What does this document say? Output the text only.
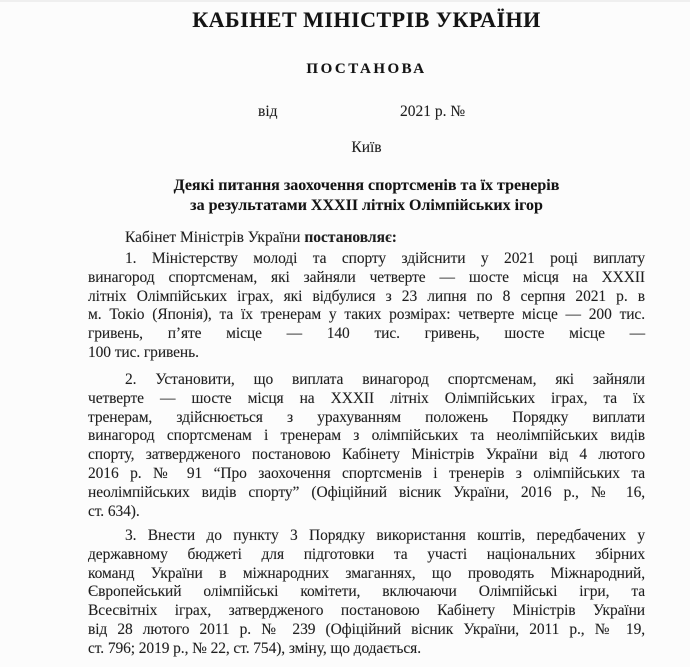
КАБІНЕТ МІНІСТРІВ УКРАЇНИ
ПОСТАНОВА
від	2021 р. №
Київ
Деякі питання заохочення спортсменів та їх тренерів
за результатами XXXII літніх Олімпійських ігор
Кабінет Міністрів України постановляє:
1. Міністерству молоді та спорту здійснити у 2021 році виплату
винагород спортсменам, які зайняли четверте — шосте місця на XXXII
літніх Олімпійських іграх, які відбулися з 23 липня по 8 серпня 2021 р. в
м. Токіо (Японія), та їх тренерам у таких розмірах: четверте місце — 200 тис.
гривень, п’яте місце — 140 тис. гривень, шосте місце —
100 тис. гривень.
2. Установити, що виплата винагород спортсменам, які зайняли
четверте — шосте місця на XXXII літніх Олімпійських іграх, та їх
тренерам, здійснюється з урахуванням положень Порядку виплати
винагород спортсменам і тренерам з олімпійських та неолімпійських видів
спорту, затвердженого постановою Кабінету Міністрів України від 4 лютого
2016 р. № 91 “Про заохочення спортсменів і тренерів з олімпійських та
неолімпійських видів спорту” (Офіційний вісник України, 2016 р., № 16,
ст. 634).
3. Внести до пункту 3 Порядку використання коштів, передбачених у
державному бюджеті для підготовки та участі національних збірних
команд України в міжнародних змаганнях, що проводять Міжнародний,
Європейський олімпійські комітети, включаючи Олімпійські ігри, та
Всесвітніх іграх, затвердженого постановою Кабінету Міністрів України
від 28 лютого 2011 р. № 239 (Офіційний вісник України, 2011 р., № 19,
ст. 796; 2019 р., № 22, ст. 754), зміну, що додається.
